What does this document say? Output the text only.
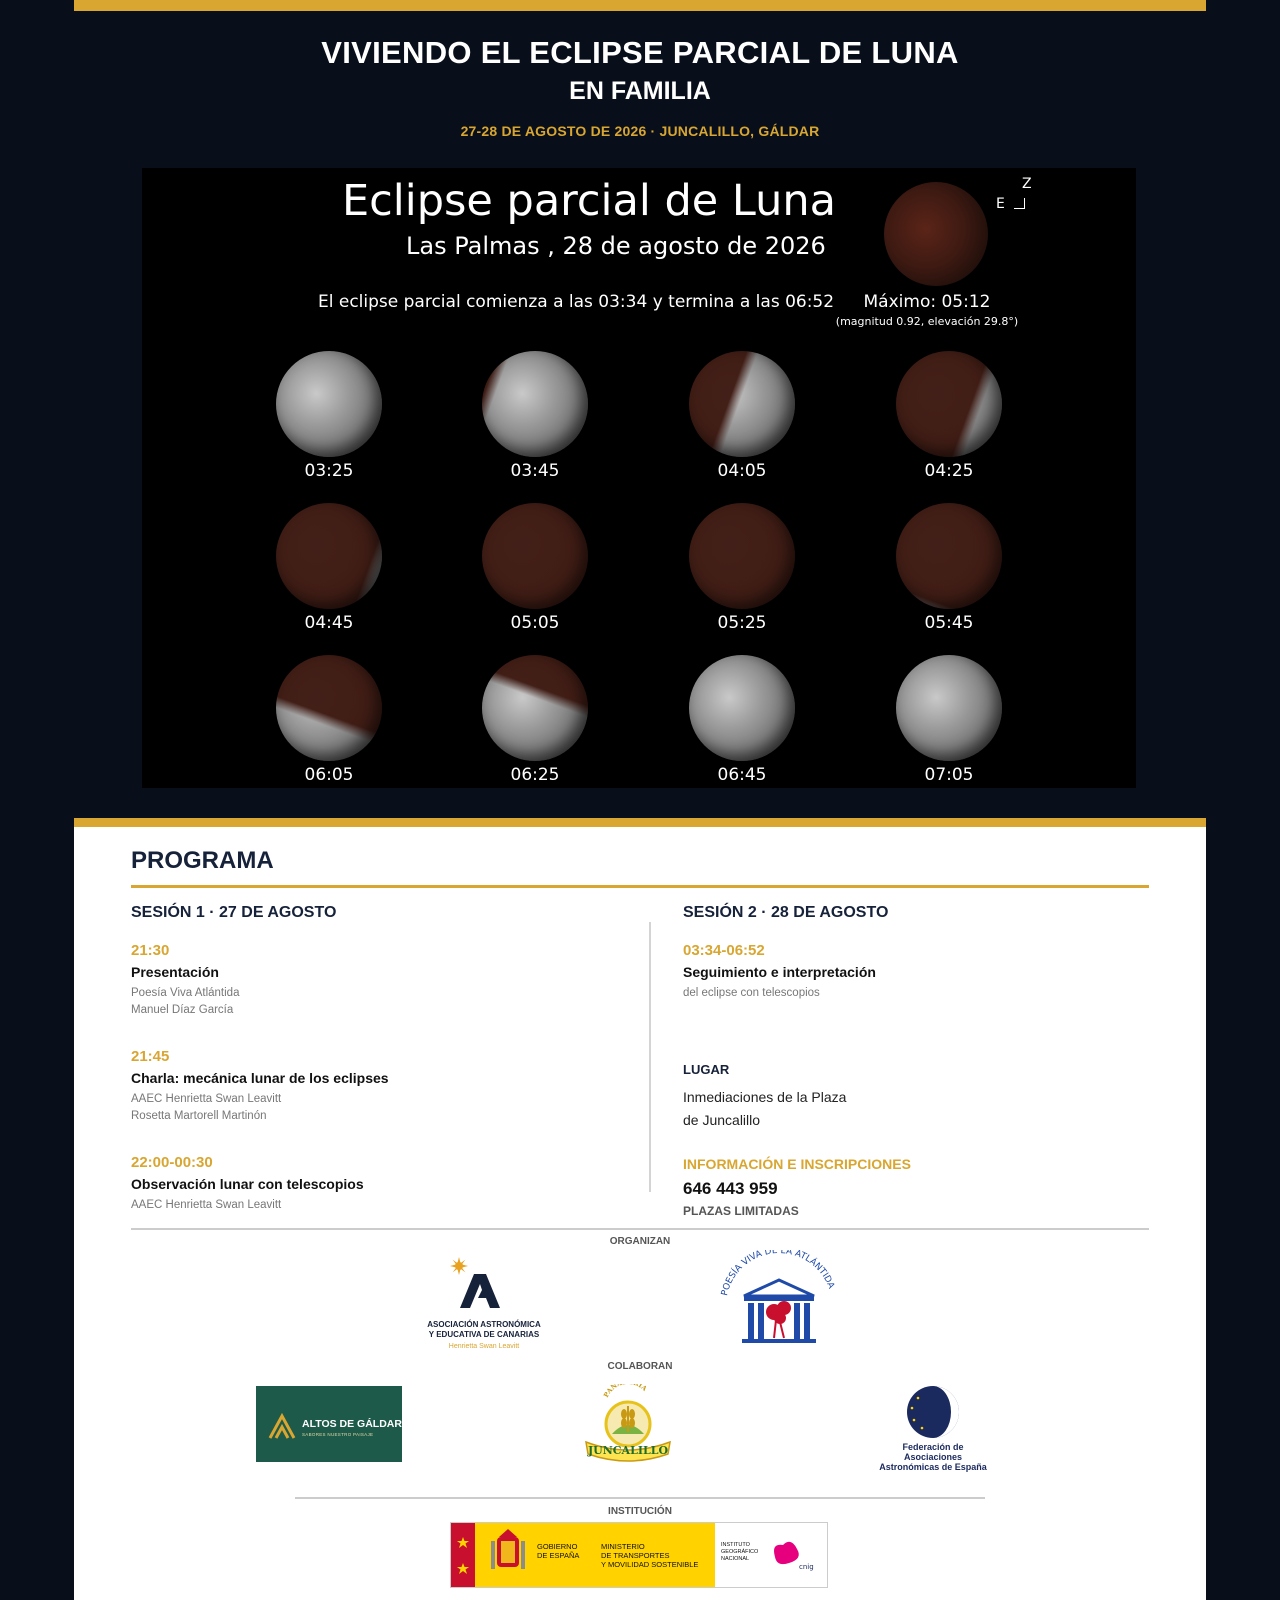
VIVIENDO EL ECLIPSE PARCIAL DE LUNA
EN FAMILIA
27-28 DE AGOSTO DE 2026 · JUNCALILLO, GÁLDAR
Eclipse parcial de Luna
Las Palmas , 28 de agosto de 2026
El eclipse parcial comienza a las 03:34 y termina a las 06:52
Z
E
Máximo: 05:12
(magnitud 0.92, elevación 29.8°)
03:25	03:45	04:05	04:25
04:45	05:05	05:25	05:45
06:05	06:25	06:45	07:05
PROGRAMA
SESIÓN 1 · 27 DE AGOSTO	SESIÓN 2 · 28 DE AGOSTO
21:30
Presentación
Poesía Viva Atlántida
Manuel Díaz García
21:45
Charla: mecánica lunar de los eclipses
AAEC Henrietta Swan Leavitt
Rosetta Martorell Martinón
22:00-00:30
Observación lunar con telescopios
AAEC Henrietta Swan Leavitt
03:34-06:52
Seguimiento e interpretación
del eclipse con telescopios
LUGAR
Inmediaciones de la Plaza
de Juncalillo
INFORMACIÓN E INSCRIPCIONES
646 443 959
PLAZAS LIMITADAS
ORGANIZAN
ASOCIACIÓN ASTRONÓMICA
Y EDUCATIVA DE CANARIAS
Henrietta Swan Leavitt
POESÍA VIVA DE LA ATLÁNTIDA
COLABORAN
ALTOS DE GÁLDAR
SABORES NUESTRO PAISAJE
PAN ÍA
JUNCALILLO	Federación de Asociaciones
Astronómicas de España
INSTITUCIÓN
cnig
GOBIERNO
DE ESPAÑA
MINISTERIO
DE TRANSPORTES
Y MOVILIDAD SOSTENIBLE
INSTITUTO
GEOGRÁFICO
NACIONAL
